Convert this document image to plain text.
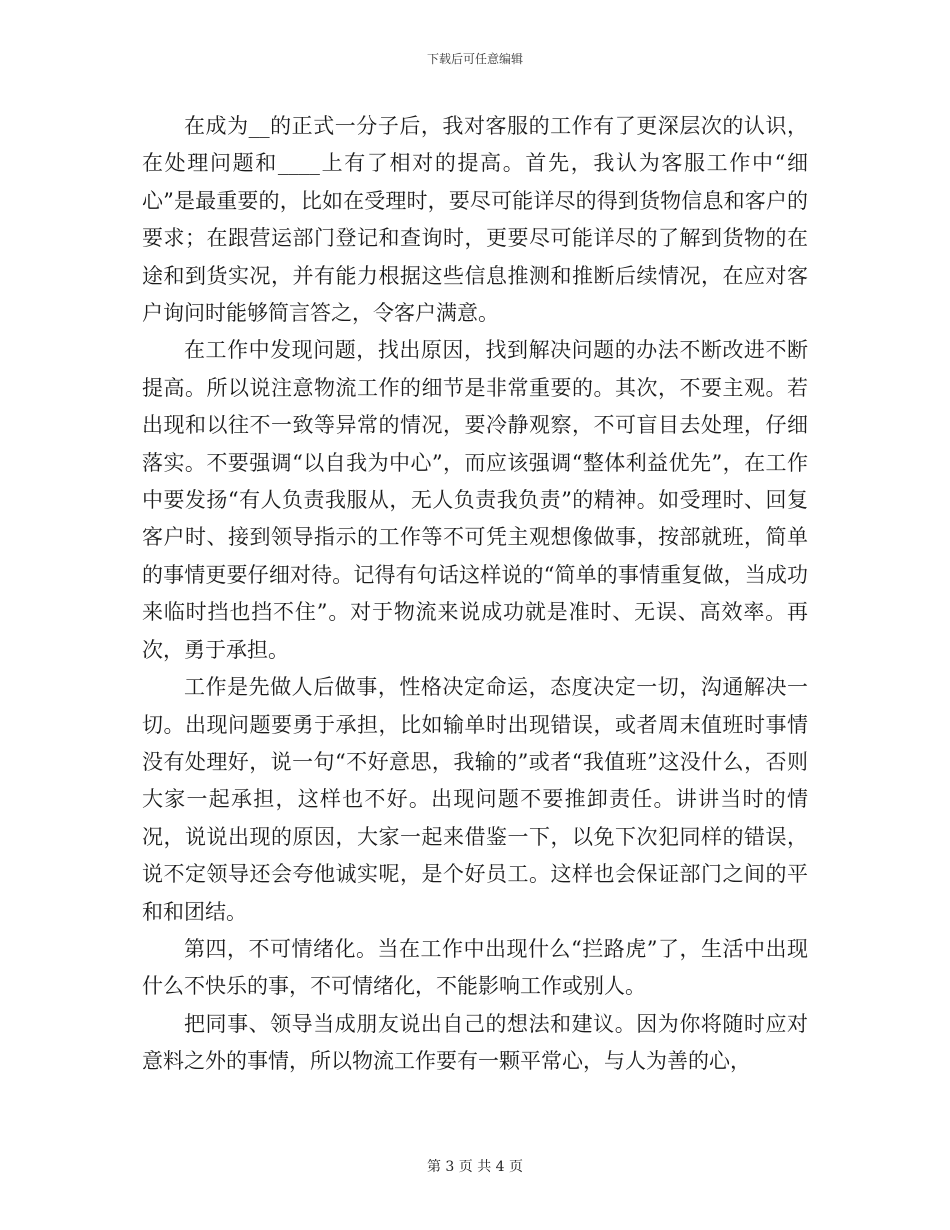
下载后可任意编辑

在成为__的正式一分子后，我对客服的工作有了更深层次的认识，在处理问题和____上有了相对的提高。首先，我认为客服工作中“细心”是最重要的，比如在受理时，要尽可能详尽的得到货物信息和客户的要求；在跟营运部门登记和查询时，更要尽可能详尽的了解到货物的在途和到货实况，并有能力根据这些信息推测和推断后续情况，在应对客户询问时能够简言答之，令客户满意。

在工作中发现问题，找出原因，找到解决问题的办法不断改进不断提高。所以说注意物流工作的细节是非常重要的。其次，不要主观。若出现和以往不一致等异常的情况，要冷静观察，不可盲目去处理，仔细落实。不要强调“以自我为中心”，而应该强调“整体利益优先”，在工作中要发扬“有人负责我服从，无人负责我负责”的精神。如受理时、回复客户时、接到领导指示的工作等不可凭主观想像做事，按部就班，简单的事情更要仔细对待。记得有句话这样说的“简单的事情重复做，当成功来临时挡也挡不住”。对于物流来说成功就是准时、无误、高效率。再次，勇于承担。

工作是先做人后做事，性格决定命运，态度决定一切，沟通解决一切。出现问题要勇于承担，比如输单时出现错误，或者周末值班时事情没有处理好，说一句“不好意思，我输的”或者“我值班”这没什么，否则大家一起承担，这样也不好。出现问题不要推卸责任。讲讲当时的情况，说说出现的原因，大家一起来借鉴一下，以免下次犯同样的错误，说不定领导还会夸他诚实呢，是个好员工。这样也会保证部门之间的平和和团结。

第四，不可情绪化。当在工作中出现什么“拦路虎”了，生活中出现什么不快乐的事，不可情绪化，不能影响工作或别人。

把同事、领导当成朋友说出自己的想法和建议。因为你将随时应对意料之外的事情，所以物流工作要有一颗平常心，与人为善的心，

第 3 页 共 4 页
